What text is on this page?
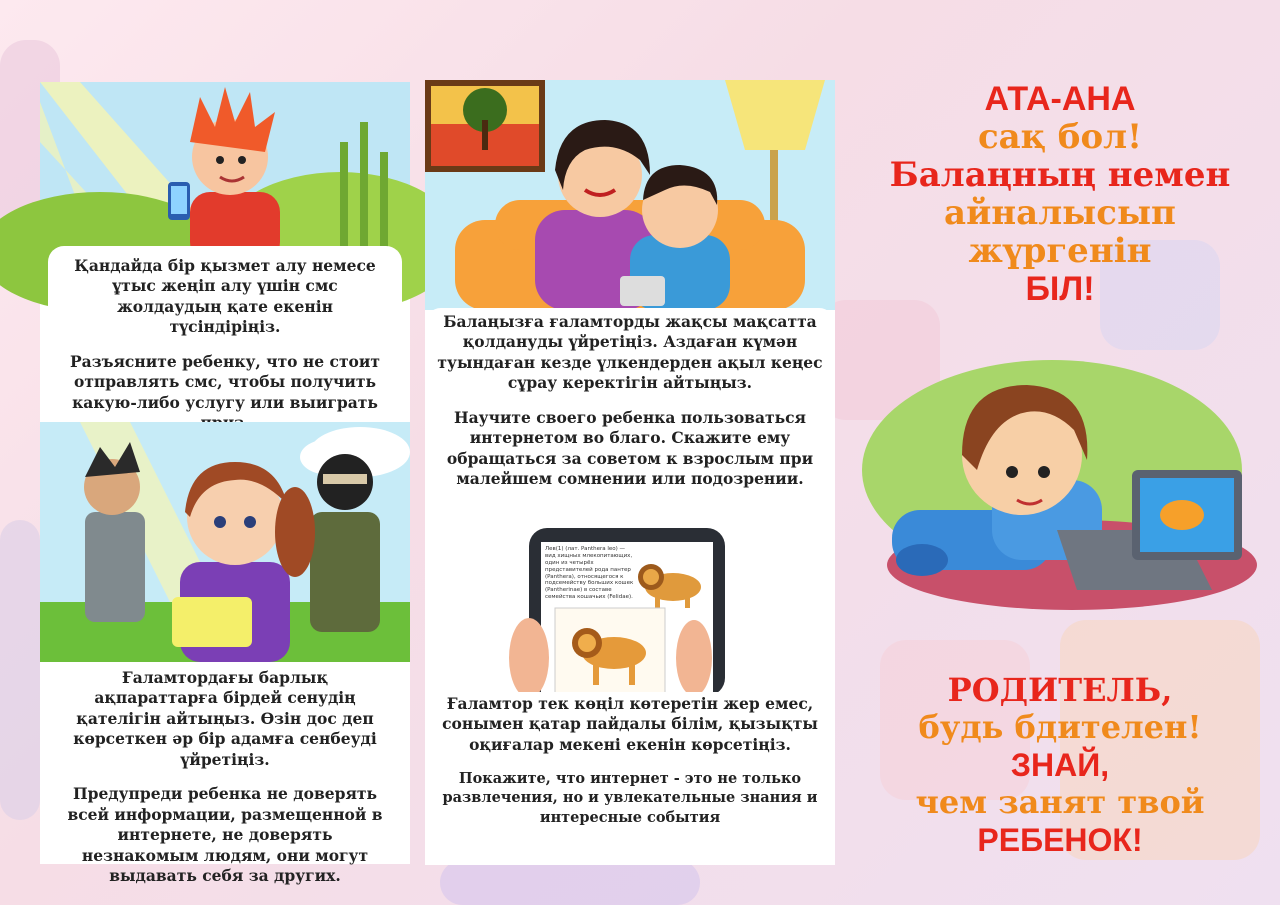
Қандайда бір қызмет алу немесе ұтыс жеңіп алу үшін смс жолдаудың қате екенін түсіндіріңіз.

Разъясните ребенку, что не стоит отправлять смс, чтобы получить какую-либо услугу или выиграть

Ғаламтордағы барлық ақпараттарға бірдей сенудің қателігін айтыңыз. Өзін дос деп көрсеткен әр бір адамға сенбеуді үйретіңіз.

Предупреди ребенка не доверять всей информации, размещенной в интернете, не доверять незнакомым людям, они могут выдавать себя за других.

Балаңызға ғаламторды жақсы мақсатта қолдануды үйретіңіз. Аздаған күмән туындаған кезде үлкендерден ақыл кеңес сұрау керектігін айтыңыз.

Научите своего ребенка пользоваться интернетом во благо. Скажите ему обращаться за советом к взрослым при малейшем сомнении или подозрении.

Лев(1) (лат. Panthera leo) — вид хищных млекопитающих, один из четырёх представителей рода пантер (Panthera), относящегося к подсемейству больших кошек (Pantherinae) в составе семейства кошачьих (Felidae).

Ғаламтор тек көңіл көтеретін жер емес, сонымен қатар пайдалы білім, қызықты оқиғалар мекені екенін көрсетіңіз.

Покажите, что интернет - это не только развлечения, но и увлекательные знания и интересные события

АТА-АНА
сақ бол!
Балаңның немен
айналысып
жүргенін
БІЛ!
РОДИТЕЛЬ,
будь бдителен!
ЗНАЙ,
чем занят твой
РЕБЕНОК!
